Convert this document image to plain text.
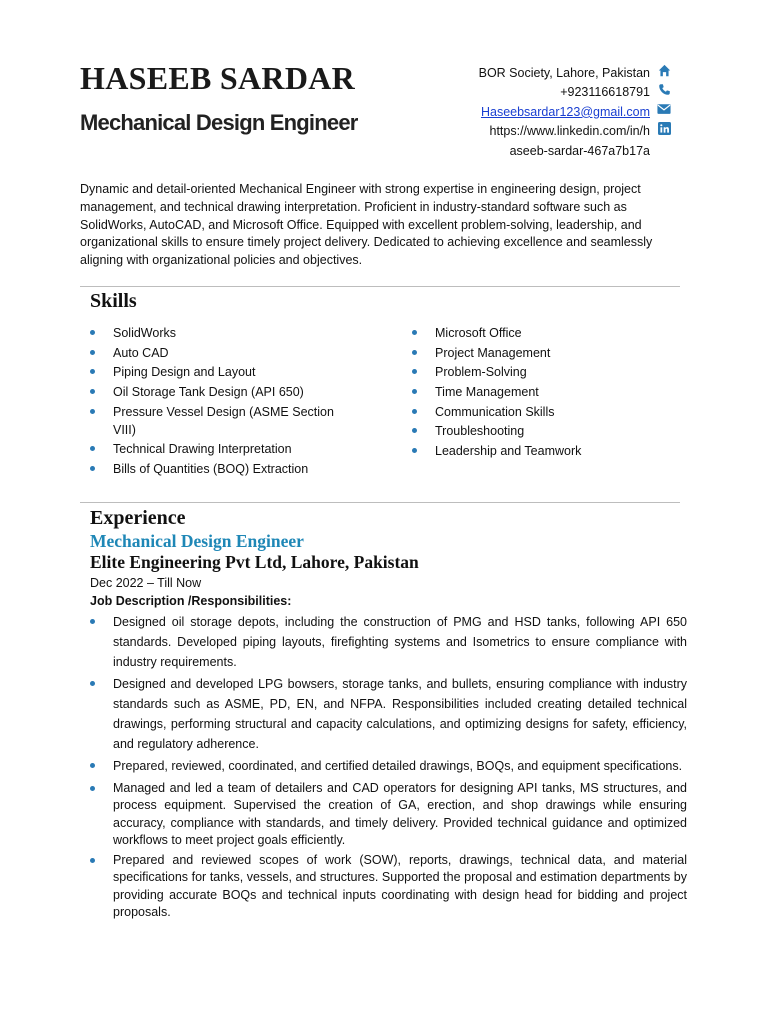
HASEEB SARDAR
Mechanical Design Engineer
BOR Society, Lahore, Pakistan
+923116618791
Haseebsardar123@gmail.com
https://www.linkedin.com/in/h
aseeb-sardar-467a7b17a

Dynamic and detail-oriented Mechanical Engineer with strong expertise in engineering design, project management, and technical drawing interpretation. Proficient in industry-standard software such as SolidWorks, AutoCAD, and Microsoft Office. Equipped with excellent problem-solving, leadership, and organizational skills to ensure timely project delivery. Dedicated to achieving excellence and seamlessly aligning with organizational policies and objectives.

Skills
SolidWorks
Auto CAD
Piping Design and Layout
Oil Storage Tank Design (API 650)
Pressure Vessel Design (ASME Section VIII)
Technical Drawing Interpretation
Bills of Quantities (BOQ) Extraction
Microsoft Office
Project Management
Problem-Solving
Time Management
Communication Skills
Troubleshooting
Leadership and Teamwork
Experience
Mechanical Design Engineer
Elite Engineering Pvt Ltd, Lahore, Pakistan
Dec 2022 – Till Now
Job Description /Responsibilities:
Designed oil storage depots, including the construction of PMG and HSD tanks, following API 650 standards. Developed piping layouts, firefighting systems and Isometrics to ensure compliance with industry requirements.
Designed and developed LPG bowsers, storage tanks, and bullets, ensuring compliance with industry standards such as ASME, PD, EN, and NFPA. Responsibilities included creating detailed technical drawings, performing structural and capacity calculations, and optimizing designs for safety, efficiency, and regulatory adherence.
Prepared, reviewed, coordinated, and certified detailed drawings, BOQs, and equipment specifications.
Managed and led a team of detailers and CAD operators for designing API tanks, MS structures, and process equipment. Supervised the creation of GA, erection, and shop drawings while ensuring accuracy, compliance with standards, and timely delivery. Provided technical guidance and optimized workflows to meet project goals efficiently.
Prepared and reviewed scopes of work (SOW), reports, drawings, technical data, and material specifications for tanks, vessels, and structures. Supported the proposal and estimation departments by providing accurate BOQs and technical inputs coordinating with design head for bidding and project proposals.
